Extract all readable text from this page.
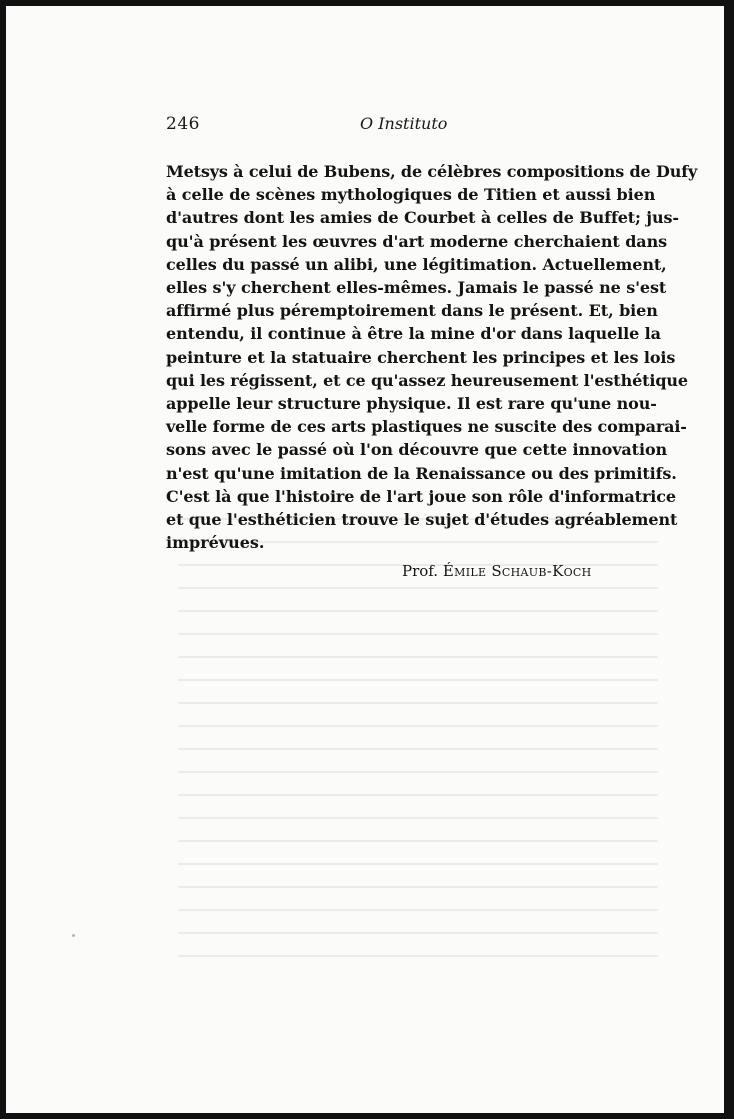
246	O Instituto

Metsys à celui de Bubens, de célèbres compositions de Dufy
à celle de scènes mythologiques de Titien et aussi bien
d'autres dont les amies de Courbet à celles de Buffet; jus-
qu'à présent les œuvres d'art moderne cherchaient dans
celles du passé un alibi, une légitimation. Actuellement,
elles s'y cherchent elles-mêmes. Jamais le passé ne s'est
affirmé plus péremptoirement dans le présent. Et, bien
entendu, il continue à être la mine d'or dans laquelle la
peinture et la statuaire cherchent les principes et les lois
qui les régissent, et ce qu'assez heureusement l'esthétique
appelle leur structure physique. Il est rare qu'une nou-
velle forme de ces arts plastiques ne suscite des comparai-
sons avec le passé où l'on découvre que cette innovation
n'est qu'une imitation de la Renaissance ou des primitifs.
C'est là que l'histoire de l'art joue son rôle d'informatrice
et que l'esthéticien trouve le sujet d'études agréablement
imprévues.

Prof. Émile Schaub-Koch
